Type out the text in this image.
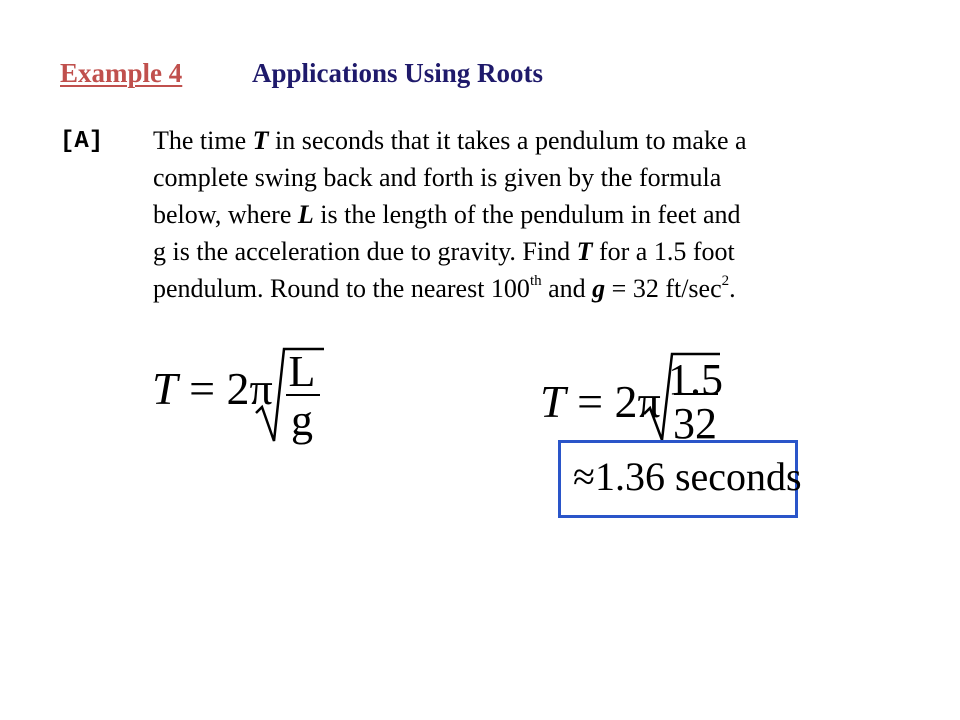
Example 4	Applications Using Roots
[A] The time T in seconds that it takes a pendulum to make a
complete swing back and forth is given by the formula
below, where L is the length of the pendulum in feet and
g is the acceleration due to gravity. Find T for a 1.5 foot
pendulum. Round to the nearest 100th and g = 32 $ft/\sec^2$.
T = 2π L
g	T = 2π 1.5
32
≈1.36 seconds
